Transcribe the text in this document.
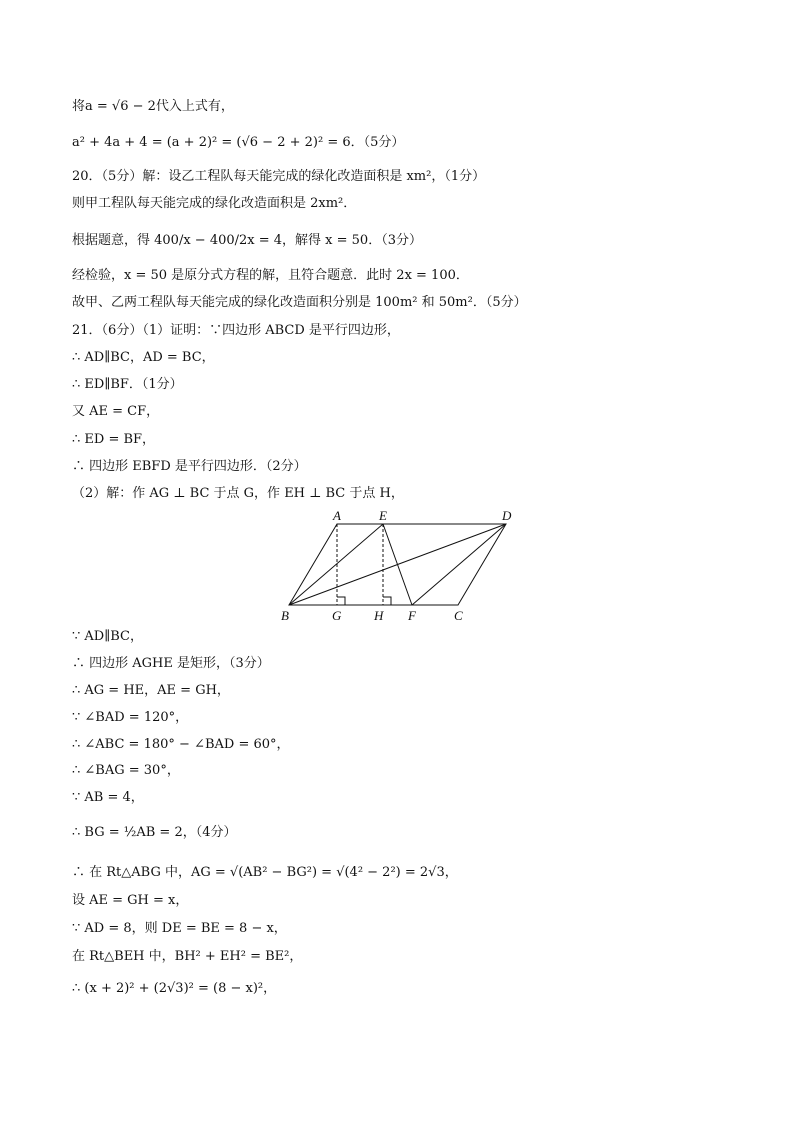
将a = √6 − 2代入上式有，
a² + 4a + 4 = (a + 2)² = (√6 − 2 + 2)² = 6．（5分）
20．（5分）解：设乙工程队每天能完成的绿化改造面积是 xm²，（1分）
则甲工程队每天能完成的绿化改造面积是 2xm²．
根据题意，得 400/x − 400/2x = 4，解得 x = 50．（3分）
经检验，x = 50 是原分式方程的解，且符合题意．此时 2x = 100．
故甲、乙两工程队每天能完成的绿化改造面积分别是 100m² 和 50m²．（5分）
21．（6分）（1）证明：∵四边形 ABCD 是平行四边形，
∴ AD∥BC，AD = BC，
∴ ED∥BF．（1分）
又 AE = CF，
∴ ED = BF，
∴ 四边形 EBFD 是平行四边形．（2分）
（2）解：作 AG ⊥ BC 于点 G，作 EH ⊥ BC 于点 H，
∵ AD∥BC，
∴ 四边形 AGHE 是矩形，（3分）
∴ AG = HE，AE = GH，
∵ ∠BAD = 120°，
∴ ∠ABC = 180° − ∠BAD = 60°，
∴ ∠BAG = 30°，
∵ AB = 4，
∴ BG = ½AB = 2，（4分）
∴ 在 Rt△ABG 中，AG = √(AB² − BG²) = √(4² − 2²) = 2√3，
设 AE = GH = x，
∵ AD = 8，则 DE = BE = 8 − x，
在 Rt△BEH 中，BH² + EH² = BE²，
∴ (x + 2)² + (2√3)² = (8 − x)²，
A	E	D
B	G	H F	C
